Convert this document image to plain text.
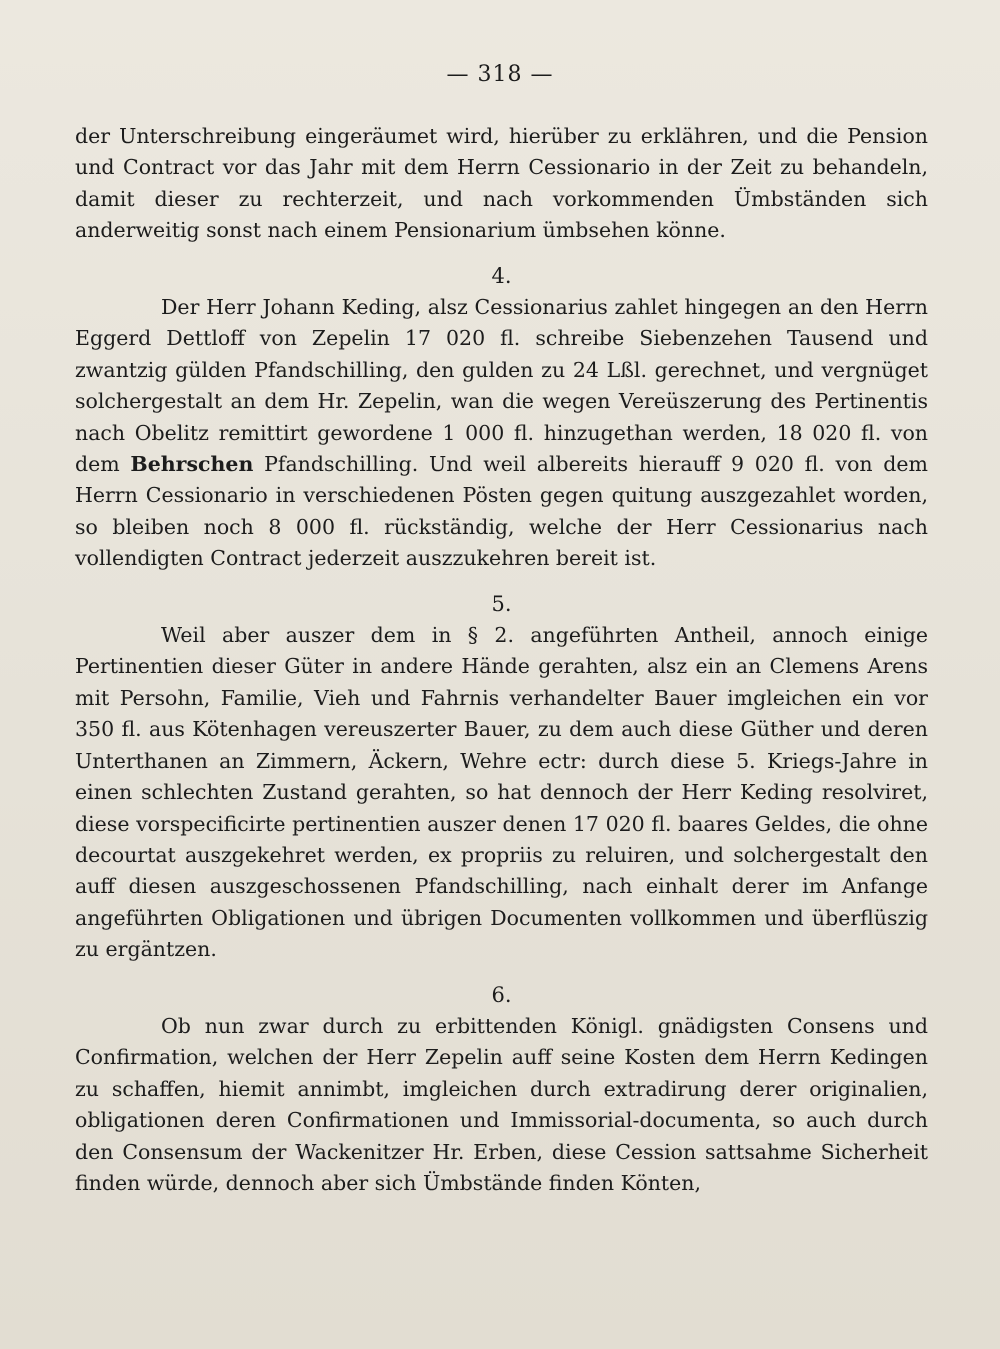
— 318 —

der Unterschreibung eingeräumet wird, hierüber zu erklähren, und die Pension und Contract vor das Jahr mit dem Herrn Cessionario in der Zeit zu behandeln, damit dieser zu rechterzeit, und nach vorkommenden Ümbständen sich anderweitig sonst nach einem Pensionarium ümbsehen könne.

4.

Der Herr Johann Keding, alsz Cessionarius zahlet hingegen an den Herrn Eggerd Dettloff von Zepelin 17 020 fl. schreibe Siebenzehen Tausend und zwantzig gülden Pfandschilling, den gulden zu 24 Lßl. gerechnet, und vergnüget solchergestalt an dem Hr. Zepelin, wan die wegen Vereüszerung des Pertinentis nach Obelitz remittirt gewordene 1 000 fl. hinzugethan werden, 18 020 fl. von dem Behrschen Pfandschilling. Und weil albereits hierauff 9 020 fl. von dem Herrn Cessionario in verschiedenen Pösten gegen quitung auszgezahlet worden, so bleiben noch 8 000 fl. rückständig, welche der Herr Cessionarius nach vollendigten Contract jederzeit auszzukehren bereit ist.

5.

Weil aber auszer dem in § 2. angeführten Antheil, annoch einige Pertinentien dieser Güter in andere Hände gerahten, alsz ein an Clemens Arens mit Persohn, Familie, Vieh und Fahrnis verhandelter Bauer imgleichen ein vor 350 fl. aus Kötenhagen vereuszerter Bauer, zu dem auch diese Güther und deren Unterthanen an Zimmern, Äckern, Wehre ectr: durch diese 5. Kriegs-Jahre in einen schlechten Zustand gerahten, so hat dennoch der Herr Keding resolviret, diese vorspecificirte pertinentien auszer denen 17 020 fl. baares Geldes, die ohne decourtat auszgekehret werden, ex propriis zu reluiren, und solchergestalt den auff diesen auszgeschossenen Pfandschilling, nach einhalt derer im Anfange angeführten Obligationen und übrigen Documenten vollkommen und überflüszig zu ergäntzen.

6.

Ob nun zwar durch zu erbittenden Königl. gnädigsten Consens und Confirmation, welchen der Herr Zepelin auff seine Kosten dem Herrn Kedingen zu schaffen, hiemit annimbt, imgleichen durch extradirung derer originalien, obligationen deren Confirmationen und Immissorial-documenta, so auch durch den Consensum der Wackenitzer Hr. Erben, diese Cession sattsahme Sicherheit finden würde, dennoch aber sich Ümbstände finden Könten,
